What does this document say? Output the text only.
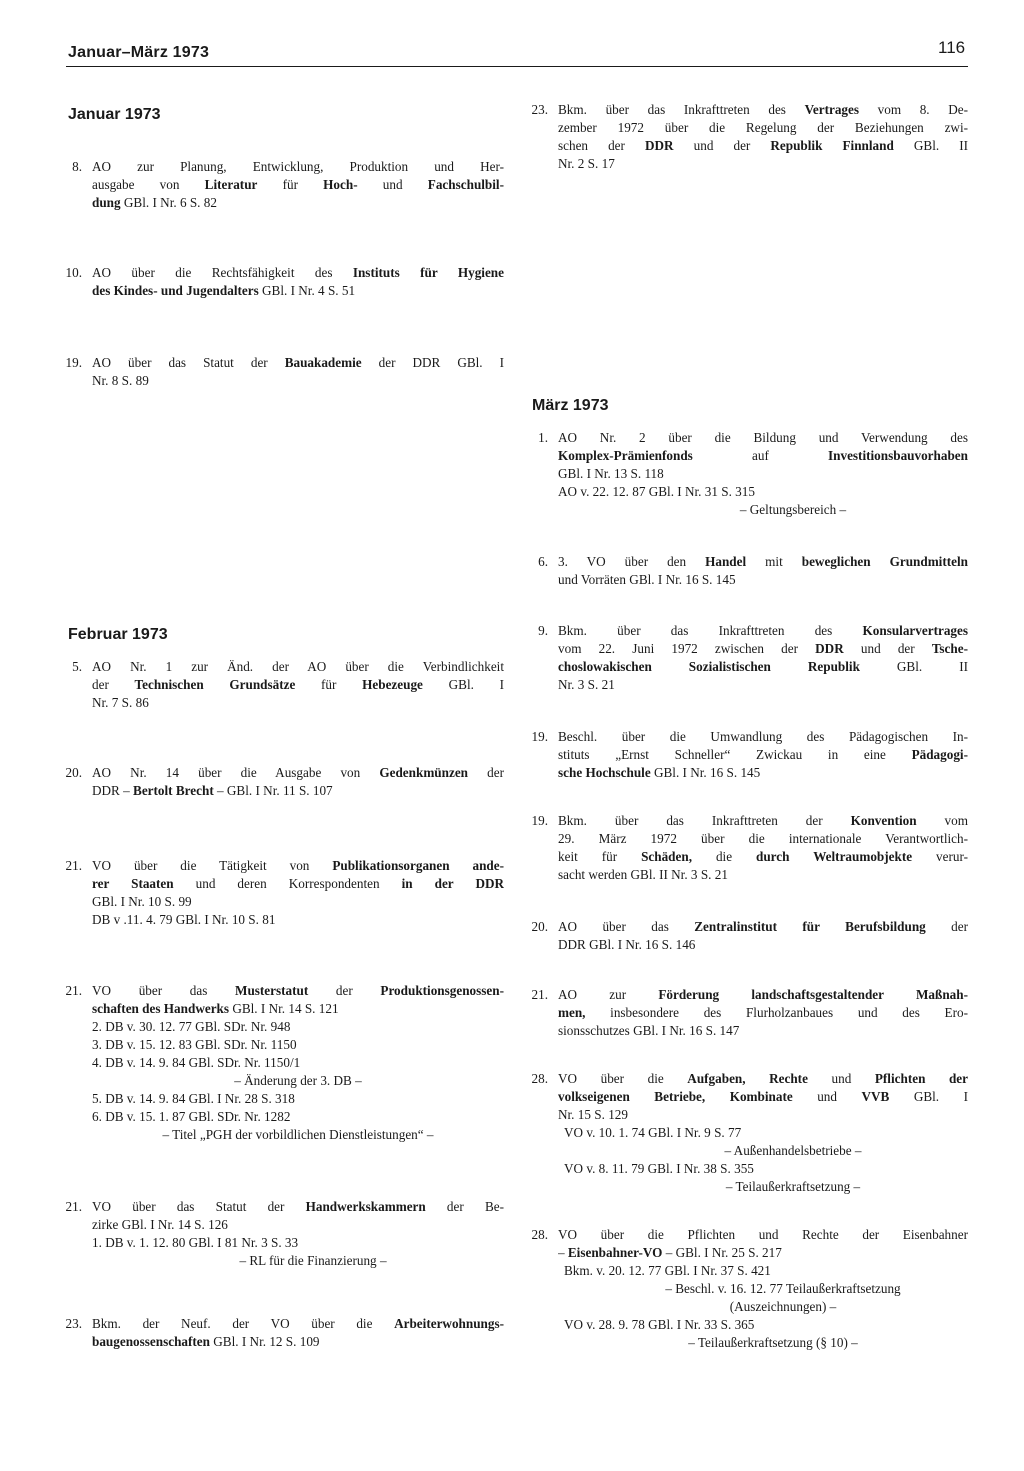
Januar–März 1973	116
Januar 1973
Februar 1973
März 1973
8. AO zur Planung, Entwicklung, Produktion und Her-
ausgabe von Literatur für Hoch- und Fachschulbil-
dung GBl. I Nr. 6 S. 82
10. AO über die Rechtsfähigkeit des Instituts für Hygiene
des Kindes- und Jugendalters GBl. I Nr. 4 S. 51
19. AO über das Statut der Bauakademie der DDR GBl. I
Nr. 8 S. 89
5. AO Nr. 1 zur Änd. der AO über die Verbindlichkeit
der Technischen Grundsätze für Hebezeuge GBl. I
Nr. 7 S. 86
20. AO Nr. 14 über die Ausgabe von Gedenkmünzen der
DDR – Bertolt Brecht – GBl. I Nr. 11 S. 107
21. VO über die Tätigkeit von Publikationsorganen ande-
rer Staaten und deren Korrespondenten in der DDR
GBl. I Nr. 10 S. 99
DB v .11. 4. 79 GBl. I Nr. 10 S. 81
21. VO über das Musterstatut der Produktionsgenossen-
schaften des Handwerks GBl. I Nr. 14 S. 121
2. DB v. 30. 12. 77 GBl. SDr. Nr. 948
3. DB v. 15. 12. 83 GBl. SDr. Nr. 1150
4. DB v. 14. 9. 84 GBl. SDr. Nr. 1150/1
– Änderung der 3. DB –
5. DB v. 14. 9. 84 GBl. I Nr. 28 S. 318
6. DB v. 15. 1. 87 GBl. SDr. Nr. 1282
– Titel „PGH der vorbildlichen Dienstleistungen“ –
21. VO über das Statut der Handwerkskammern der Be-
zirke GBl. I Nr. 14 S. 126
1. DB v. 1. 12. 80 GBl. I 81 Nr. 3 S. 33
– RL für die Finanzierung –
23. Bkm. der Neuf. der VO über die Arbeiterwohnungs-
baugenossenschaften GBl. I Nr. 12 S. 109
23. Bkm. über das Inkrafttreten des Vertrages vom 8. De-
zember 1972 über die Regelung der Beziehungen zwi-
schen der DDR und der Republik Finnland GBl. II
Nr. 2 S. 17
1. AO Nr. 2 über die Bildung und Verwendung des
Komplex-Prämienfonds auf Investitionsbauvorhaben
GBl. I Nr. 13 S. 118
AO v. 22. 12. 87 GBl. I Nr. 31 S. 315
– Geltungsbereich –
6. 3. VO über den Handel mit beweglichen Grundmitteln
und Vorräten GBl. I Nr. 16 S. 145
9. Bkm. über das Inkrafttreten des Konsularvertrages
vom 22. Juni 1972 zwischen der DDR und der Tsche-
choslowakischen Sozialistischen Republik GBl. II
Nr. 3 S. 21
19. Beschl. über die Umwandlung des Pädagogischen In-
stituts „Ernst Schneller“ Zwickau in eine Pädagogi-
sche Hochschule GBl. I Nr. 16 S. 145
19. Bkm. über das Inkrafttreten der Konvention vom
29. März 1972 über die internationale Verantwortlich-
keit für Schäden, die durch Weltraumobjekte verur-
sacht werden GBl. II Nr. 3 S. 21
20. AO über das Zentralinstitut für Berufsbildung der
DDR GBl. I Nr. 16 S. 146
21. AO zur Förderung landschaftsgestaltender Maßnah-
men, insbesondere des Flurholzanbaues und des Ero-
sionsschutzes GBl. I Nr. 16 S. 147
28. VO über die Aufgaben, Rechte und Pflichten der
volkseigenen Betriebe, Kombinate und VVB GBl. I
Nr. 15 S. 129
VO v. 10. 1. 74 GBl. I Nr. 9 S. 77
– Außenhandelsbetriebe –
VO v. 8. 11. 79 GBl. I Nr. 38 S. 355
– Teilaußerkraftsetzung –
28. VO über die Pflichten und Rechte der Eisenbahner
– Eisenbahner-VO – GBl. I Nr. 25 S. 217
Bkm. v. 20. 12. 77 GBl. I Nr. 37 S. 421
– Beschl. v. 16. 12. 77 Teilaußerkraftsetzung
(Auszeichnungen) –
VO v. 28. 9. 78 GBl. I Nr. 33 S. 365
– Teilaußerkraftsetzung (§ 10) –
